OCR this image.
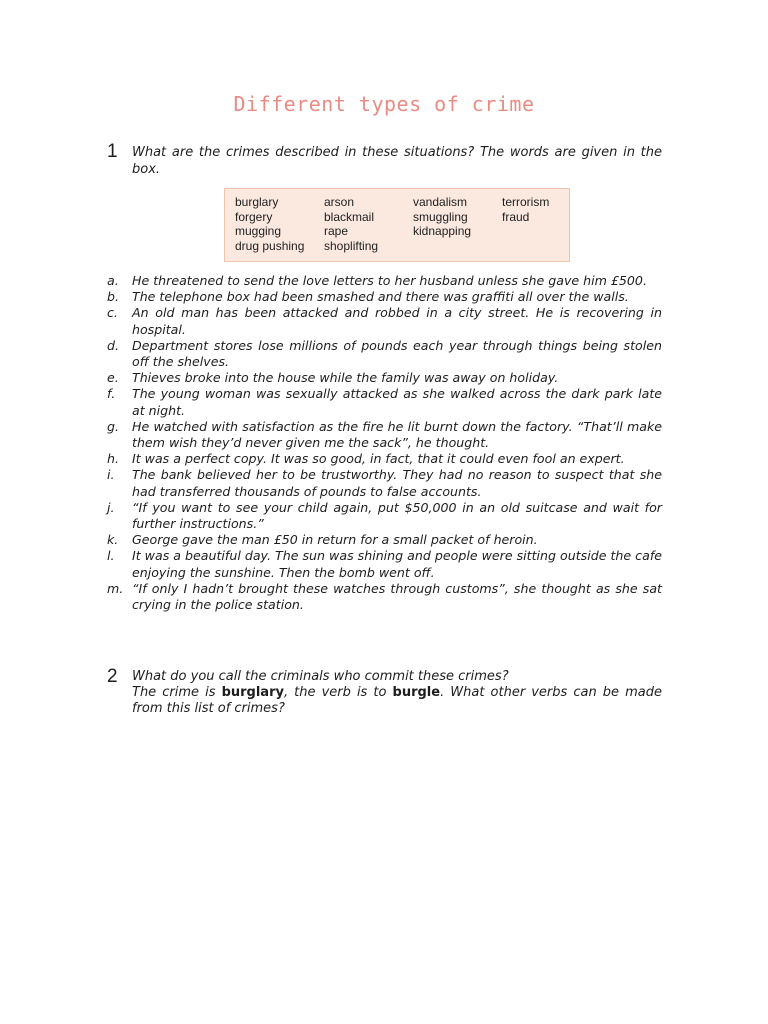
Different types of crime
1 What are the crimes described in these situations? The words are given in the box.
burglary
forgery
mugging
drug pushing
arson
blackmail
rape
shoplifting
vandalism
smuggling
kidnapping
terrorism
fraud
a. He threatened to send the love letters to her husband unless she gave him £500.
b. The telephone box had been smashed and there was graffiti all over the walls.
c. An old man has been attacked and robbed in a city street. He is recovering in hospital.
d. Department stores lose millions of pounds each year through things being stolen off the shelves.
e. Thieves broke into the house while the family was away on holiday.
f. The young woman was sexually attacked as she walked across the dark park late at night.
g. He watched with satisfaction as the fire he lit burnt down the factory. “That’ll make them wish they’d never given me the sack”, he thought.
h. It was a perfect copy. It was so good, in fact, that it could even fool an expert.
i. The bank believed her to be trustworthy. They had no reason to suspect that she had transferred thousands of pounds to false accounts.
j. “If you want to see your child again, put $50,000 in an old suitcase and wait for further instructions.”
k. George gave the man £50 in return for a small packet of heroin.
l. It was a beautiful day. The sun was shining and people were sitting outside the cafe enjoying the sunshine. Then the bomb went off.
m. “If only I hadn’t brought these watches through customs”, she thought as she sat crying in the police station.
2 What do you call the criminals who commit these crimes?
The crime is burglary, the verb is to burgle. What other verbs can be made from this list of crimes?
